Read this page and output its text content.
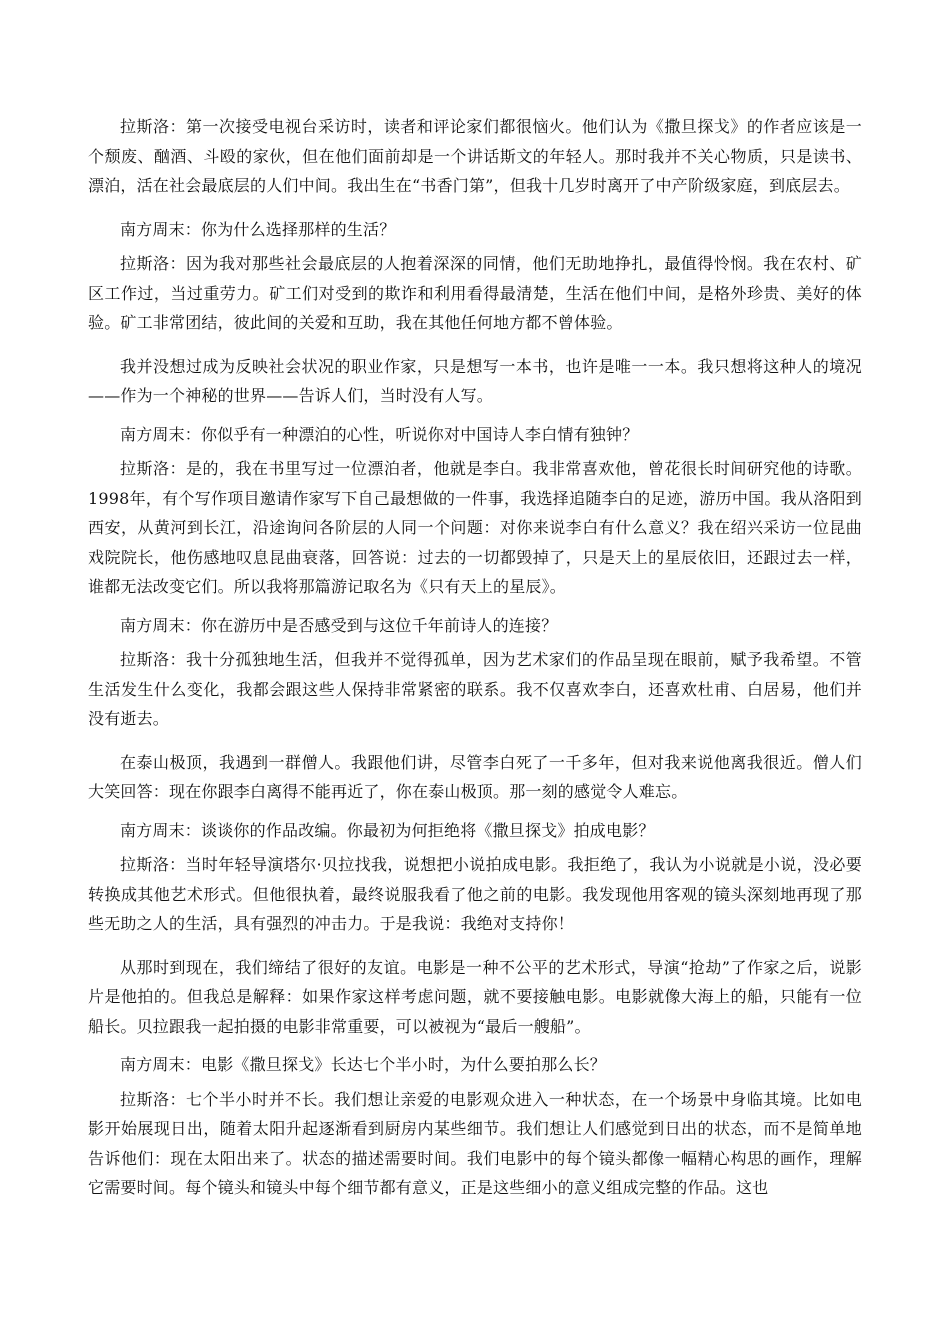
拉斯洛：第一次接受电视台采访时，读者和评论家们都很恼火。他们认为《撒旦探戈》的作者应该是一个颓废、酗酒、斗殴的家伙，但在他们面前却是一个讲话斯文的年轻人。那时我并不关心物质，只是读书、漂泊，活在社会最底层的人们中间。我出生在“书香门第”，但我十几岁时离开了中产阶级家庭，到底层去。

南方周末：你为什么选择那样的生活？

拉斯洛：因为我对那些社会最底层的人抱着深深的同情，他们无助地挣扎，最值得怜悯。我在农村、矿区工作过，当过重劳力。矿工们对受到的欺诈和利用看得最清楚，生活在他们中间，是格外珍贵、美好的体验。矿工非常团结，彼此间的关爱和互助，我在其他任何地方都不曾体验。

我并没想过成为反映社会状况的职业作家，只是想写一本书，也许是唯一一本。我只想将这种人的境况——作为一个神秘的世界——告诉人们，当时没有人写。

南方周末：你似乎有一种漂泊的心性，听说你对中国诗人李白情有独钟？

拉斯洛：是的，我在书里写过一位漂泊者，他就是李白。我非常喜欢他，曾花很长时间研究他的诗歌。1998年，有个写作项目邀请作家写下自己最想做的一件事，我选择追随李白的足迹，游历中国。我从洛阳到西安，从黄河到长江，沿途询问各阶层的人同一个问题：对你来说李白有什么意义？我在绍兴采访一位昆曲戏院院长，他伤感地叹息昆曲衰落，回答说：过去的一切都毁掉了，只是天上的星辰依旧，还跟过去一样，谁都无法改变它们。所以我将那篇游记取名为《只有天上的星辰》。

南方周末：你在游历中是否感受到与这位千年前诗人的连接？

拉斯洛：我十分孤独地生活，但我并不觉得孤单，因为艺术家们的作品呈现在眼前，赋予我希望。不管生活发生什么变化，我都会跟这些人保持非常紧密的联系。我不仅喜欢李白，还喜欢杜甫、白居易，他们并没有逝去。

在泰山极顶，我遇到一群僧人。我跟他们讲，尽管李白死了一千多年，但对我来说他离我很近。僧人们大笑回答：现在你跟李白离得不能再近了，你在泰山极顶。那一刻的感觉令人难忘。

南方周末：谈谈你的作品改编。你最初为何拒绝将《撒旦探戈》拍成电影？

拉斯洛：当时年轻导演塔尔·贝拉找我，说想把小说拍成电影。我拒绝了，我认为小说就是小说，没必要转换成其他艺术形式。但他很执着，最终说服我看了他之前的电影。我发现他用客观的镜头深刻地再现了那些无助之人的生活，具有强烈的冲击力。于是我说：我绝对支持你！

从那时到现在，我们缔结了很好的友谊。电影是一种不公平的艺术形式，导演“抢劫”了作家之后，说影片是他拍的。但我总是解释：如果作家这样考虑问题，就不要接触电影。电影就像大海上的船，只能有一位船长。贝拉跟我一起拍摄的电影非常重要，可以被视为“最后一艘船”。

南方周末：电影《撒旦探戈》长达七个半小时，为什么要拍那么长？

拉斯洛：七个半小时并不长。我们想让亲爱的电影观众进入一种状态，在一个场景中身临其境。比如电影开始展现日出，随着太阳升起逐渐看到厨房内某些细节。我们想让人们感觉到日出的状态，而不是简单地告诉他们：现在太阳出来了。状态的描述需要时间。我们电影中的每个镜头都像一幅精心构思的画作，理解它需要时间。每个镜头和镜头中每个细节都有意义，正是这些细小的意义组成完整的作品。这也
